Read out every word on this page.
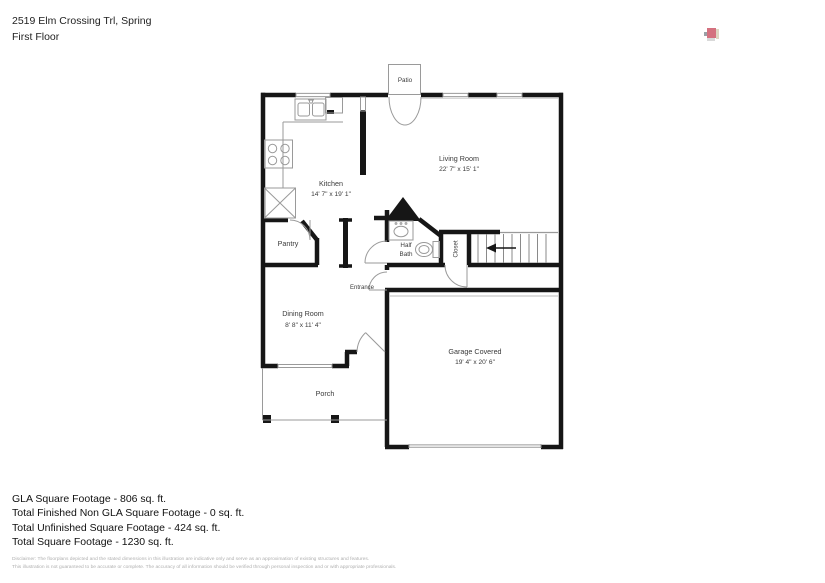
2519 Elm Crossing Trl, Spring
First Floor
Patio
Kitchen
14' 7" x 19' 1"
Living Room
22' 7" x 15' 1"
Pantry	Half
Bath	Closet
Entrance
Dining Room
8' 8" x 11' 4"
Garage Covered
19' 4" x 20' 6"
Porch
GLA Square Footage - 806 sq. ft.
Total Finished Non GLA Square Footage - 0 sq. ft.
Total Unfinished Square Footage - 424 sq. ft.
Total Square Footage - 1230 sq. ft.
Disclaimer: The floorplans depicted and the stated dimensions in this illustration are indicative only and serve as an approximation of existing structures and features.
This illustration is not guaranteed to be accurate or complete. The accuracy of all information should be verified through personal inspection and or with appropriate professionals.
